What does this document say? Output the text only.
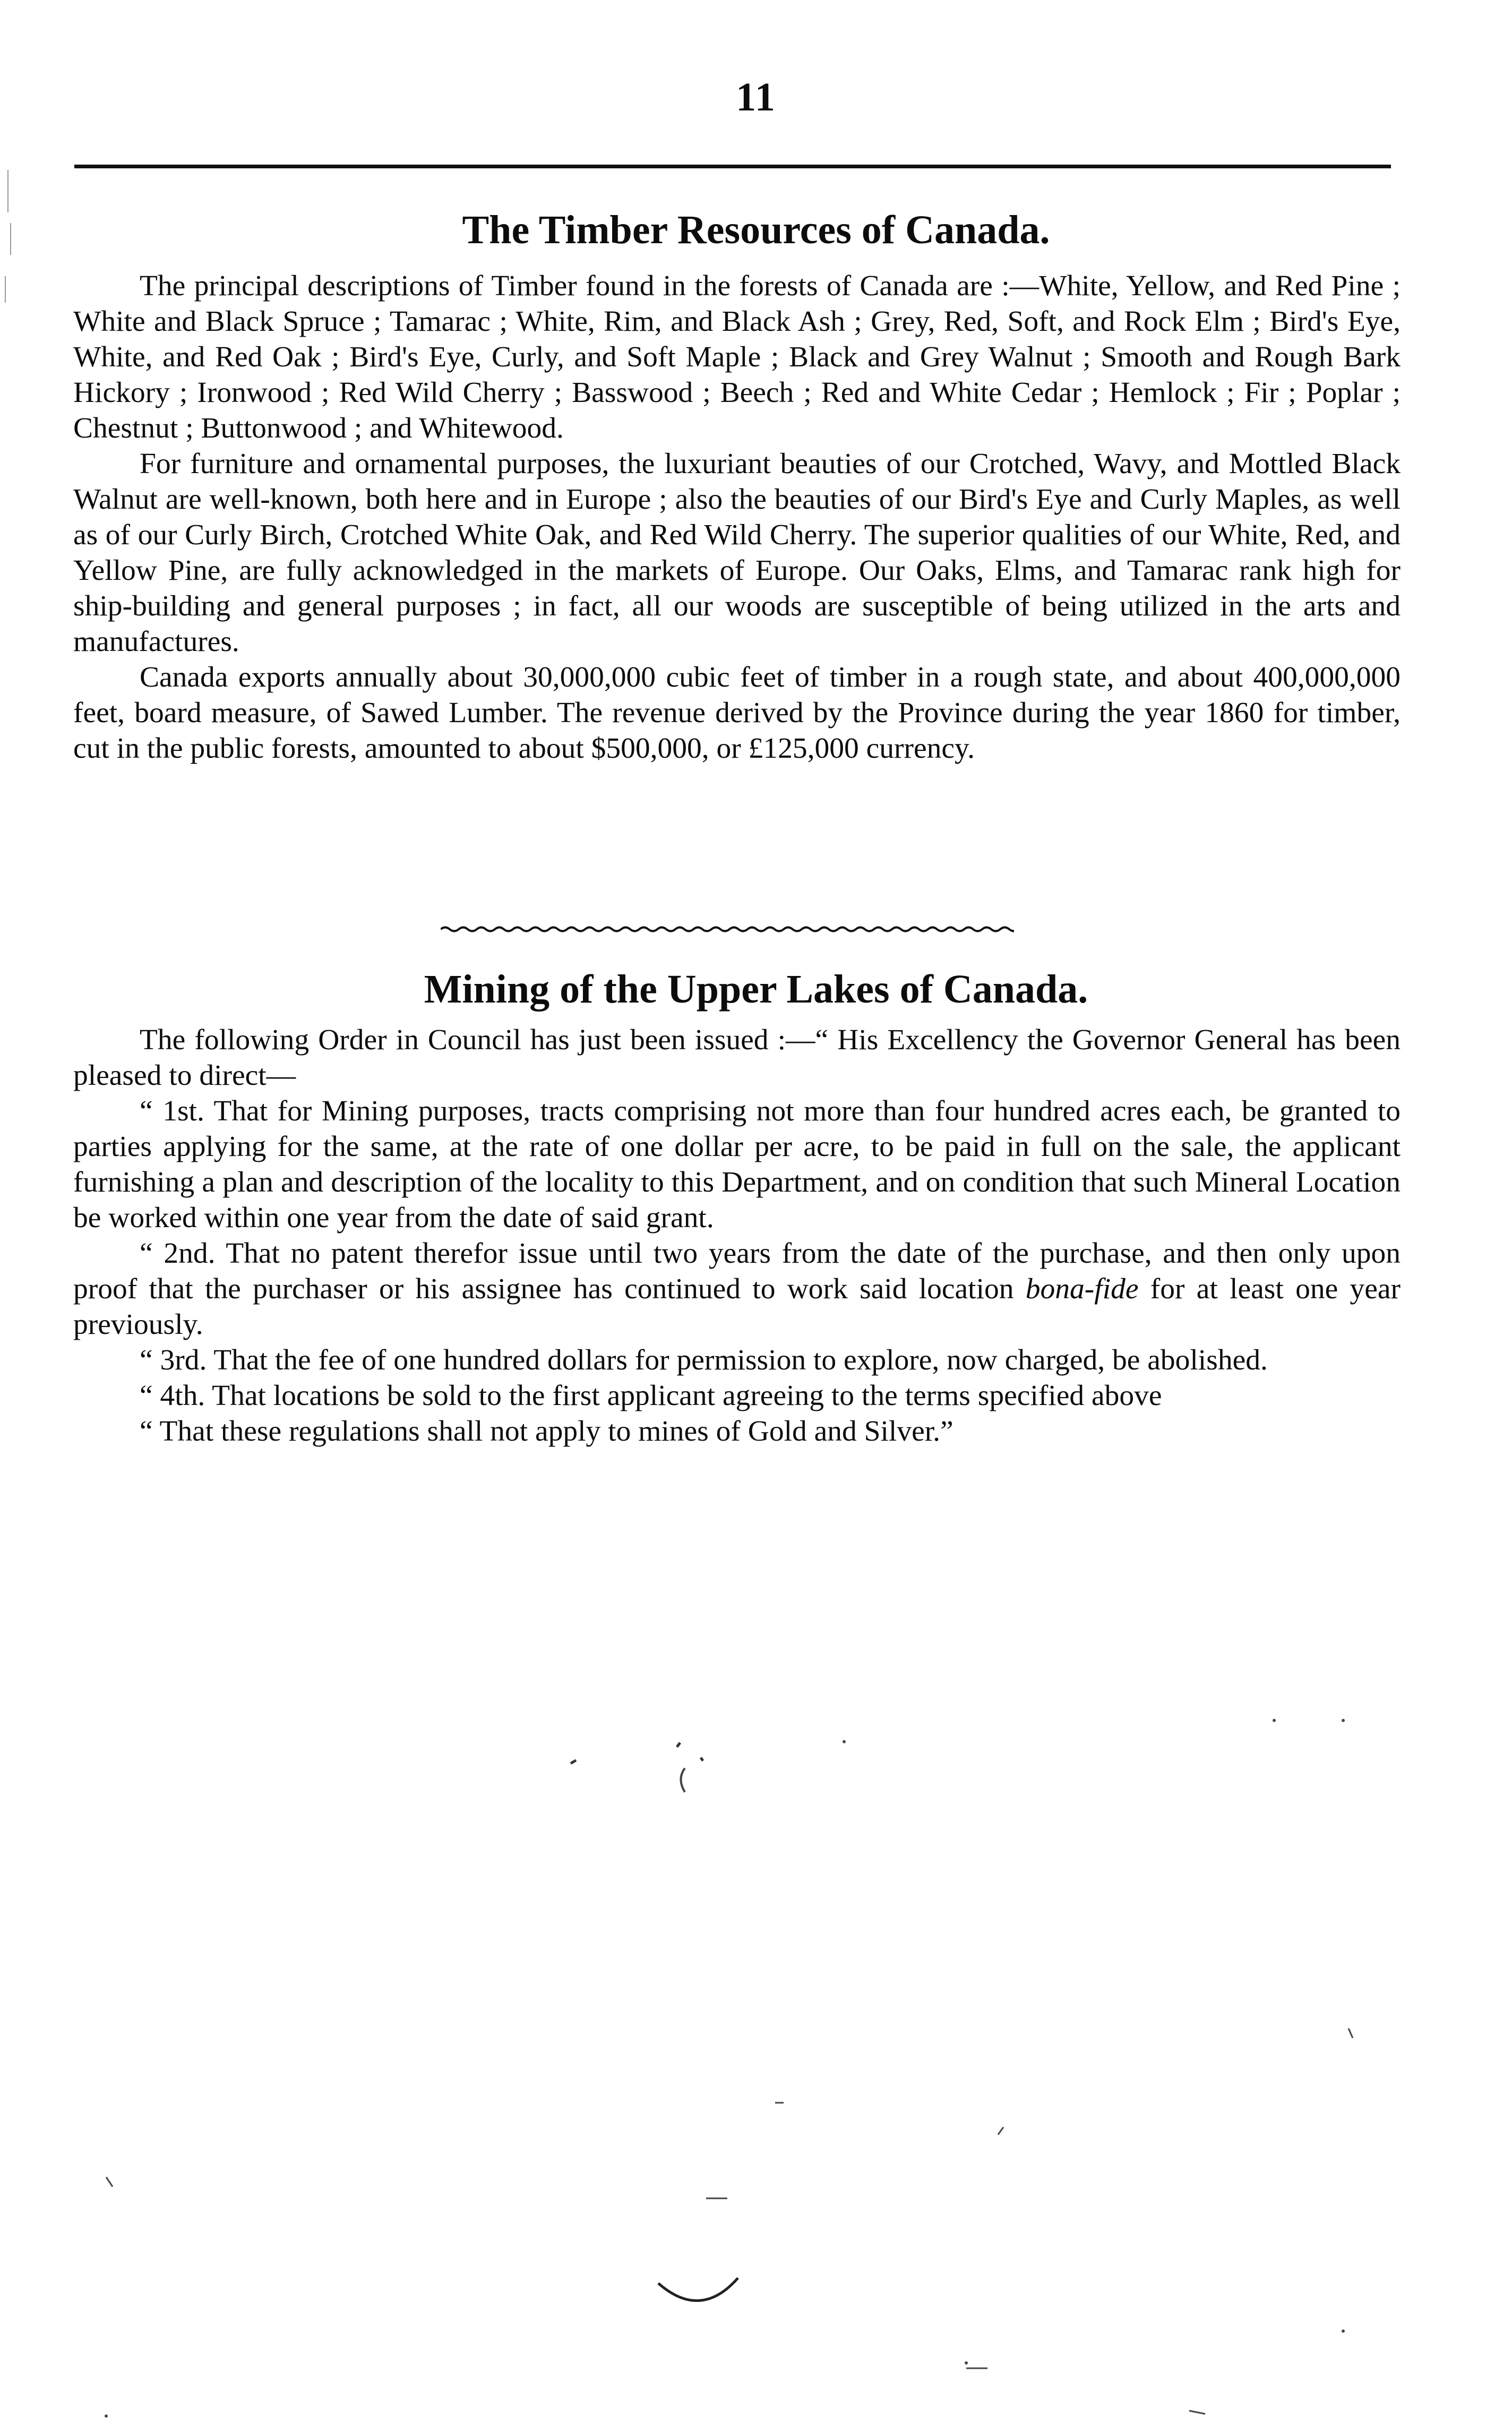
11
The Timber Resources of Canada.

The principal descriptions of Timber found in the forests of Canada are :—White, Yellow, and Red Pine ; White and Black Spruce ; Tamarac ; White, Rim, and Black Ash ; Grey, Red, Soft, and Rock Elm ; Bird's Eye, White, and Red Oak ; Bird's Eye, Curly, and Soft Maple ; Black and Grey Walnut ; Smooth and Rough Bark Hickory ; Ironwood ; Red Wild Cherry ; Basswood ; Beech ; Red and White Cedar ; Hemlock ; Fir ; Poplar ; Chestnut ; Buttonwood ; and Whitewood.

For furniture and ornamental purposes, the luxuriant beauties of our Crotched, Wavy, and Mottled Black Walnut are well-known, both here and in Europe ; also the beauties of our Bird's Eye and Curly Maples, as well as of our Curly Birch, Crotched White Oak, and Red Wild Cherry. The superior qualities of our White, Red, and Yellow Pine, are fully acknowledged in the markets of Europe. Our Oaks, Elms, and Tamarac rank high for ship-building and general purposes ; in fact, all our woods are susceptible of being utilized in the arts and manufactures.

Canada exports annually about 30,000,000 cubic feet of timber in a rough state, and about 400,000,000 feet, board measure, of Sawed Lumber. The revenue derived by the Province during the year 1860 for timber, cut in the public forests, amounted to about $500,000, or £125,000 currency.

Mining of the Upper Lakes of Canada.

The following Order in Council has just been issued :—“ His Excellency the Governor General has been pleased to direct—

“ 1st. That for Mining purposes, tracts comprising not more than four hundred acres each, be granted to parties applying for the same, at the rate of one dollar per acre, to be paid in full on the sale, the applicant furnishing a plan and description of the locality to this Department, and on condition that such Mineral Location be worked within one year from the date of said grant.

“ 2nd. That no patent therefor issue until two years from the date of the purchase, and then only upon proof that the purchaser or his assignee has continued to work said location bona-fide for at least one year previously.

“ 3rd. That the fee of one hundred dollars for permission to explore, now charged, be abolished.

“ 4th. That locations be sold to the first applicant agreeing to the terms specified above

“ That these regulations shall not apply to mines of Gold and Silver.”
